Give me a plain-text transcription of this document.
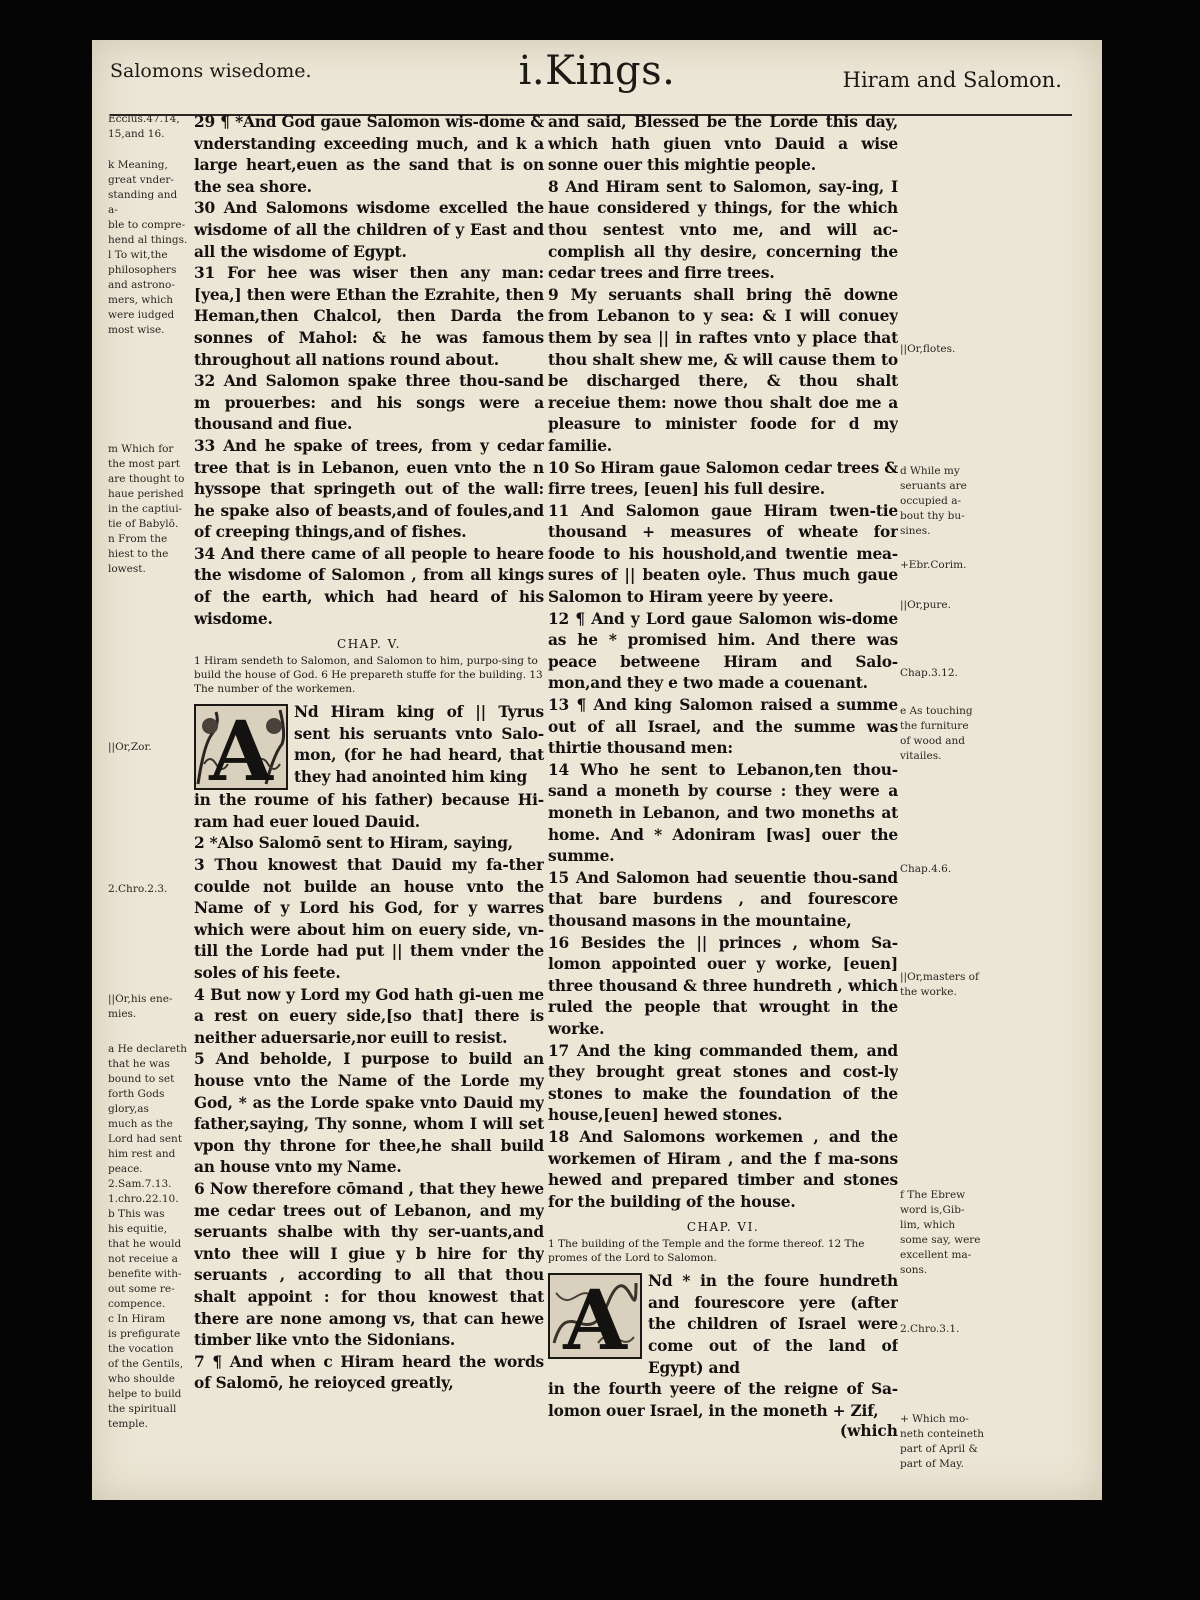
Salomons wisedome.	i.Kings.	Hiram and Salomon.
Ecclus.47.14,
15,and 16.
k Meaning,
great vnder-
standing and a-
ble to compre-
hend al things.
l To wit,the
philosophers
and astrono-
mers, which
were iudged
most wise.
m Which for
the most part
are thought to
haue perished
in the captiui-
tie of Babylō.
n From the
hiest to the
lowest.
||Or,Zor.
2.Chro.2.3.
||Or,his ene-
mies.
a He declareth
that he was
bound to set
forth Gods
glory,as
much as the
Lord had sent
him rest and
peace.
2.Sam.7.13.
1.chro.22.10.
b This was
his equitie,
that he would
not receiue a
benefite with-
out some re-
compence.
c In Hiram
is prefigurate
the vocation
of the Gentils,
who shoulde
helpe to build
the spirituall
temple.
||Or,flotes.
d While my
seruants are
occupied a-
bout thy bu-
sines.
+Ebr.Corim.
||Or,pure.
Chap.3.12.
e As touching
the furniture
of wood and
vitailes.
Chap.4.6.
||Or,masters of
the worke.
f The Ebrew
word is,Gib-
lim, which
some say, were
excellent ma-
sons.
2.Chro.3.1.
+ Which mo-
neth conteineth
part of April &
part of May.

29 ¶ *And God gaue Salomon wis-dome & vnderstanding exceeding much, and k a large heart,euen as the sand that is on the sea shore.

30 And Salomons wisdome excelled the wisdome of all the children of y East and all the wisdome of Egypt.

31 For hee was wiser then any man: [yea,] then were Ethan the Ezrahite, then Heman,then Chalcol, then Darda the sonnes of Mahol: & he was famous throughout all nations round about.

32 And Salomon spake three thou-sand m prouerbes: and his songs were a thousand and fiue.

33 And he spake of trees, from y cedar tree that is in Lebanon, euen vnto the n hyssope that springeth out of the wall: he spake also of beasts,and of foules,and of creeping things,and of fishes.

34 And there came of all people to heare the wisdome of Salomon , from all kings of the earth, which had heard of his wisdome.

CHAP. V.
1 Hiram sendeth to Salomon, and Salomon to him, purpo-sing to build the house of God. 6 He prepareth stuffe for the building. 13 The number of the workemen.
A Nd Hiram king of || Tyrus sent his seruants vnto Salo-mon, (for he had heard, that they had anointed him king

in the roume of his father) because Hi-ram had euer loued Dauid.

2 *Also Salomō sent to Hiram, saying,

3 Thou knowest that Dauid my fa-ther coulde not builde an house vnto the Name of y Lord his God, for y warres which were about him on euery side, vn-till the Lorde had put || them vnder the soles of his feete.

4 But now y Lord my God hath gi-uen me a rest on euery side,[so that] there is neither aduersarie,nor euill to resist.

5 And beholde, I purpose to build an house vnto the Name of the Lorde my God, * as the Lorde spake vnto Dauid my father,saying, Thy sonne, whom I will set vpon thy throne for thee,he shall build an house vnto my Name.

6 Now therefore cōmand , that they hewe me cedar trees out of Lebanon, and my seruants shalbe with thy ser-uants,and vnto thee will I giue y b hire for thy seruants , according to all that thou shalt appoint : for thou knowest that there are none among vs, that can hewe timber like vnto the Sidonians.

7 ¶ And when c Hiram heard the words of Salomō, he reioyced greatly,

and said, Blessed be the Lorde this day, which hath giuen vnto Dauid a wise sonne ouer this mightie people.

8 And Hiram sent to Salomon, say-ing, I haue considered y things, for the which thou sentest vnto me, and will ac-complish all thy desire, concerning the cedar trees and firre trees.

9 My seruants shall bring thē downe from Lebanon to y sea: & I will conuey them by sea || in raftes vnto y place that thou shalt shew me, & will cause them to be discharged there, & thou shalt receiue them: nowe thou shalt doe me a pleasure to minister foode for d my familie.

10 So Hiram gaue Salomon cedar trees & firre trees, [euen] his full desire.

11 And Salomon gaue Hiram twen-tie thousand + measures of wheate for foode to his houshold,and twentie mea-sures of || beaten oyle. Thus much gaue Salomon to Hiram yeere by yeere.

12 ¶ And y Lord gaue Salomon wis-dome as he * promised him. And there was peace betweene Hiram and Salo-mon,and they e two made a couenant.

13 ¶ And king Salomon raised a summe out of all Israel, and the summe was thirtie thousand men:

14 Who he sent to Lebanon,ten thou-sand a moneth by course : they were a moneth in Lebanon, and two moneths at home. And * Adoniram [was] ouer the summe.

15 And Salomon had seuentie thou-sand that bare burdens , and fourescore thousand masons in the mountaine,

16 Besides the || princes , whom Sa-lomon appointed ouer y worke, [euen] three thousand & three hundreth , which ruled the people that wrought in the worke.

17 And the king commanded them, and they brought great stones and cost-ly stones to make the foundation of the house,[euen] hewed stones.

18 And Salomons workemen , and the workemen of Hiram , and the f ma-sons hewed and prepared timber and stones for the building of the house.

CHAP. VI.
1 The building of the Temple and the forme thereof. 12 The promes of the Lord to Salomon.
A Nd * in the foure hundreth and fourescore yere (after the children of Israel were come out of the land of Egypt) and

in the fourth yeere of the reigne of Sa-lomon ouer Israel, in the moneth + Zif,

(which
